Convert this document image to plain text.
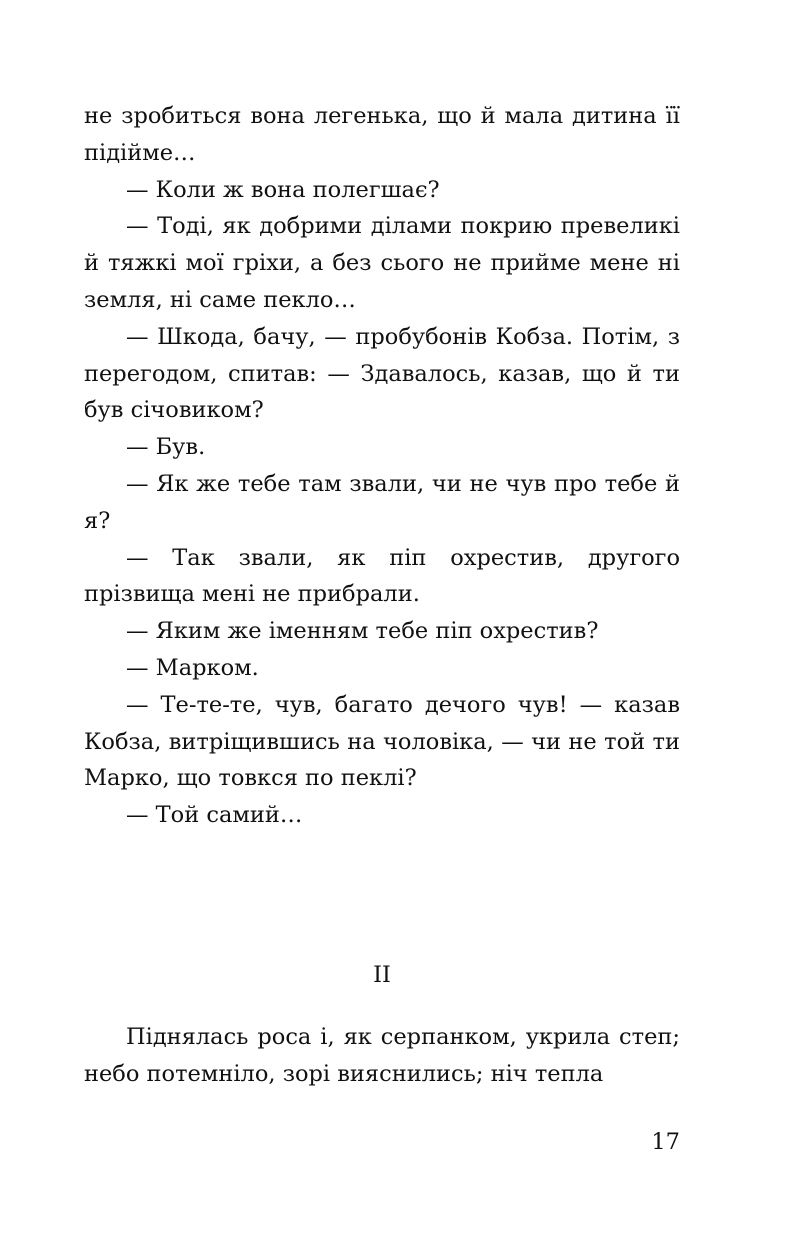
не зробиться вона легенька, що й мала дитина її підійме…

— Коли ж вона полегшає?

— Тоді, як добрими ділами покрию превеликі й тяжкі мої гріхи, а без сього не прийме мене ні земля, ні саме пекло…

— Шкода, бачу, — пробубонів Кобза. Потім, з перегодом, спитав: — Здавалось, казав, що й ти був січовиком?

— Був.

— Як же тебе там звали, чи не чув про тебе й я?

— Так звали, як піп охрестив, другого прізвища мені не прибрали.

— Яким же іменням тебе піп охрестив?

— Марком.

— Те-те-те, чув, багато дечого чув! — казав Кобза, витріщившись на чоловіка, — чи не той ти Марко, що товкся по пеклі?

— Той самий…

II

Піднялась роса і, як серпанком, укрила степ; небо потемніло, зорі вияснились; ніч тепла

17
